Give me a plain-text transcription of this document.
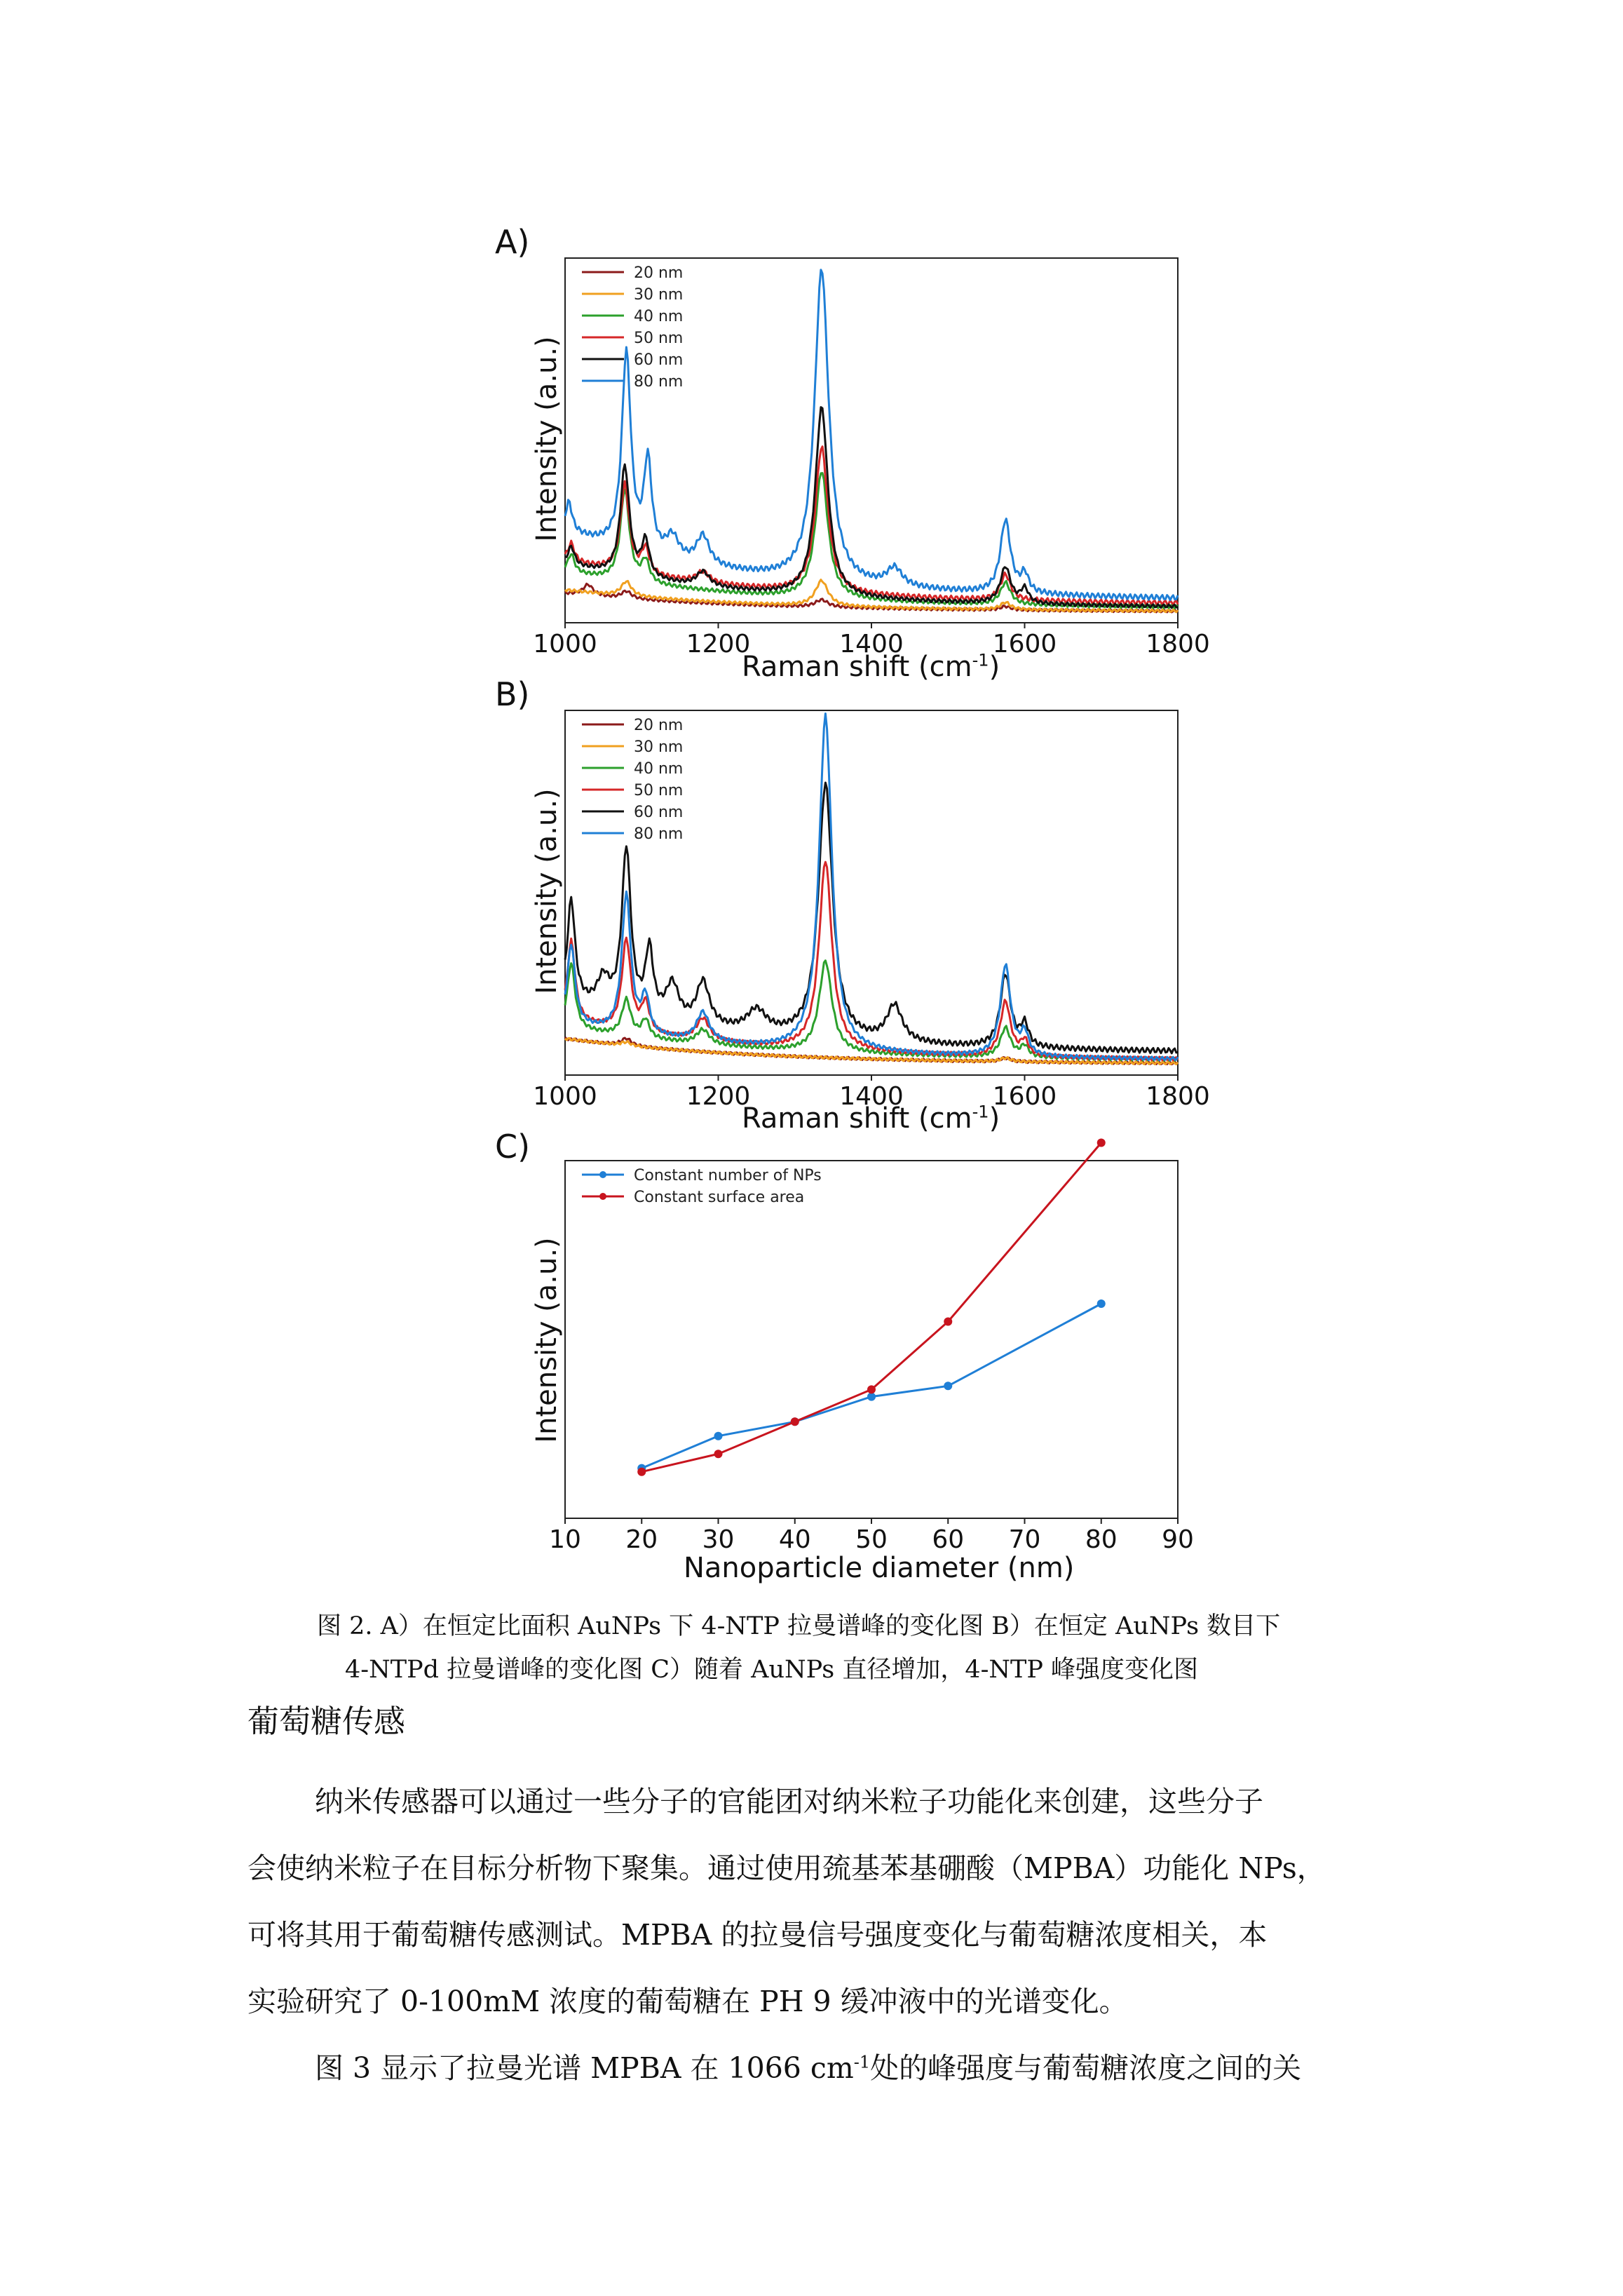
A)
Intensity (a.u.)
1000	1200	1400	1600	1800
20 nm
30 nm
40 nm
50 nm
60 nm
80 nm
Raman shift $(cm^{-1})$
B)
Intensity (a.u.)
1000	1200	1400	1600	1800
20 nm
30 nm
40 nm
50 nm
60 nm
80 nm
Raman shift $(cm^{-1})$
C)
Intensity (a.u.)
10 20 30 40 50 60 70 80 90
Constant number of NPs
Constant surface area
Nanoparticle diameter (nm)
图 2. A）在恒定比面积 AuNPs 下 4-NTP 拉曼谱峰的变化图 B）在恒定 AuNPs 数目下
4-NTPd 拉曼谱峰的变化图 C）随着 AuNPs 直径增加，4-NTP 峰强度变化图
葡萄糖传感

纳米传感器可以通过一些分子的官能团对纳米粒子功能化来创建，这些分子

会使纳米粒子在目标分析物下聚集。通过使用巯基苯基硼酸（MPBA）功能化 NPs，

可将其用于葡萄糖传感测试。MPBA 的拉曼信号强度变化与葡萄糖浓度相关，本

实验研究了 0-100mM 浓度的葡萄糖在 PH 9 缓冲液中的光谱变化。

图 3 显示了拉曼光谱 MPBA 在 1066 $cm^{-1}$处的峰强度与葡萄糖浓度之间的关
